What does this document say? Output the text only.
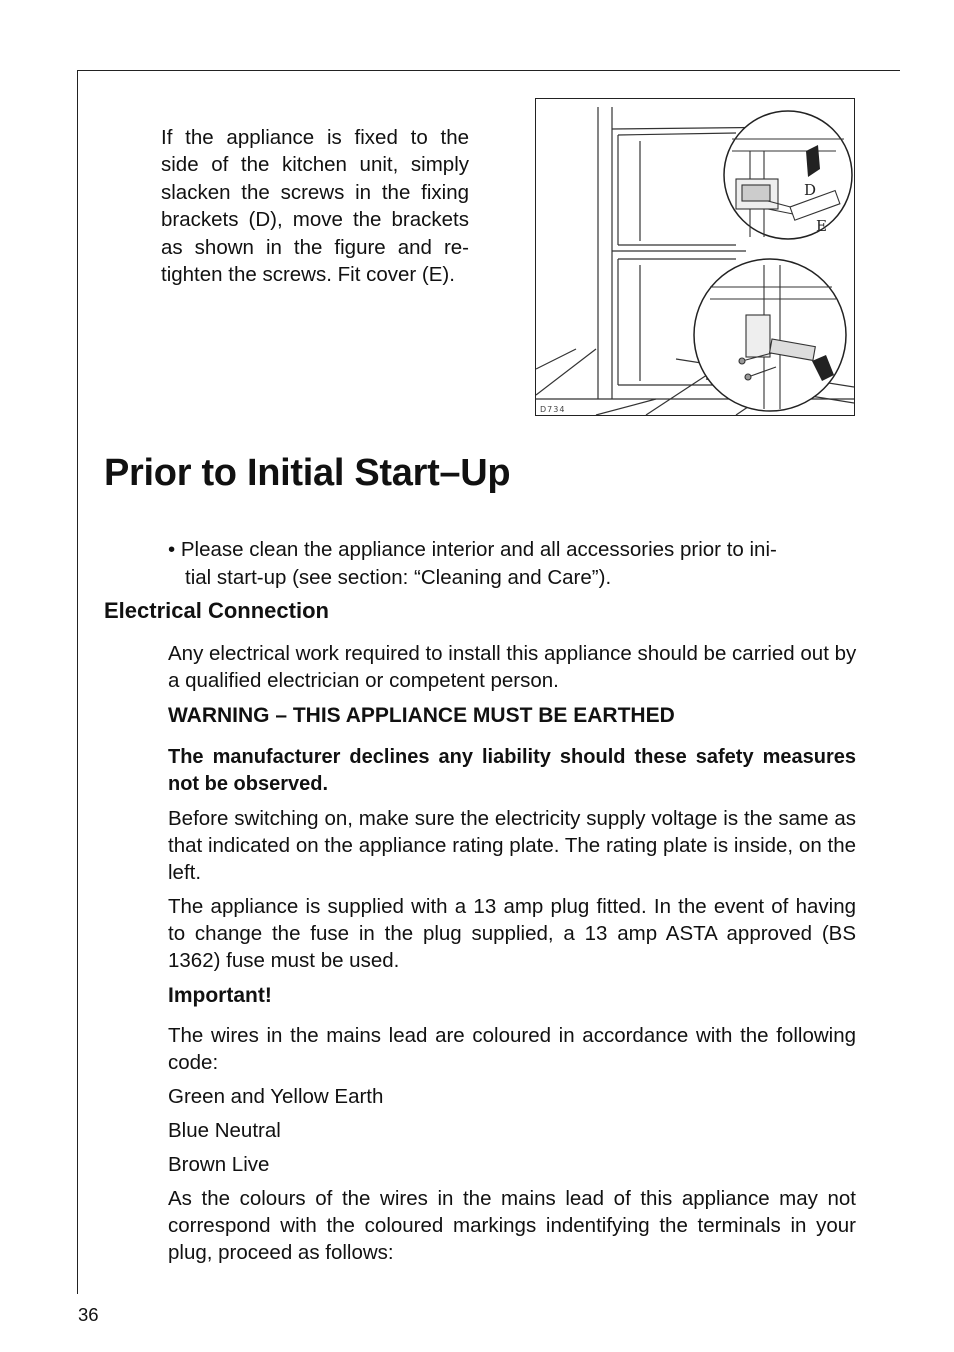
If the appliance is fixed to the side of the kitchen unit, simply slacken the screws in the fixing brackets (D), move the brackets as shown in the figure and re-tighten the screws. Fit cover (E).

D
E
D734
Prior to Initial Start–Up

• Please clean the appliance interior and all accessories prior to ini-
tial start-up (see section: “Cleaning and Care”).

Electrical Connection

Any electrical work required to install this appliance should be carried out by a qualified electrician or competent person.

WARNING – THIS APPLIANCE MUST BE EARTHED

The manufacturer declines any liability should these safety measures not be observed.

Before switching on, make sure the electricity supply voltage is the same as that indicated on the appliance rating plate. The rating plate is inside, on the left.

The appliance is supplied with a 13 amp plug fitted. In the event of having to change the fuse in the plug supplied, a 13 amp ASTA approved (BS 1362) fuse must be used.

Important!

The wires in the mains lead are coloured in accordance with the following code:

Green and Yellow Earth

Blue Neutral

Brown Live

As the colours of the wires in the mains lead of this appliance may not correspond with the coloured markings indentifying the terminals in your plug, proceed as follows:

36
